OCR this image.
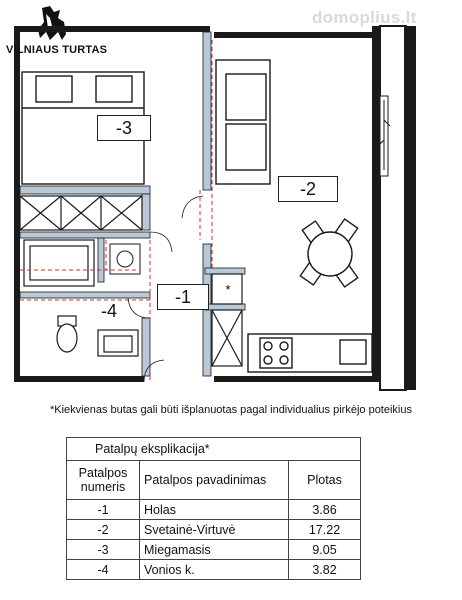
*
VILNIAUS TURTAS
domoplius.lt
-3
-2
-1
-4
*Kiekvienas butas gali būti išplanuotas pagal individualius pirkėjo poteikius
Patalpų eksplikacija*		
Patalpos numeris	Patalpos pavadinimas	Plotas
-1	Holas	3.86
-2	Svetainė-Virtuvė	17.22
-3	Miegamasis	9.05
-4	Vonios k.	3.82
